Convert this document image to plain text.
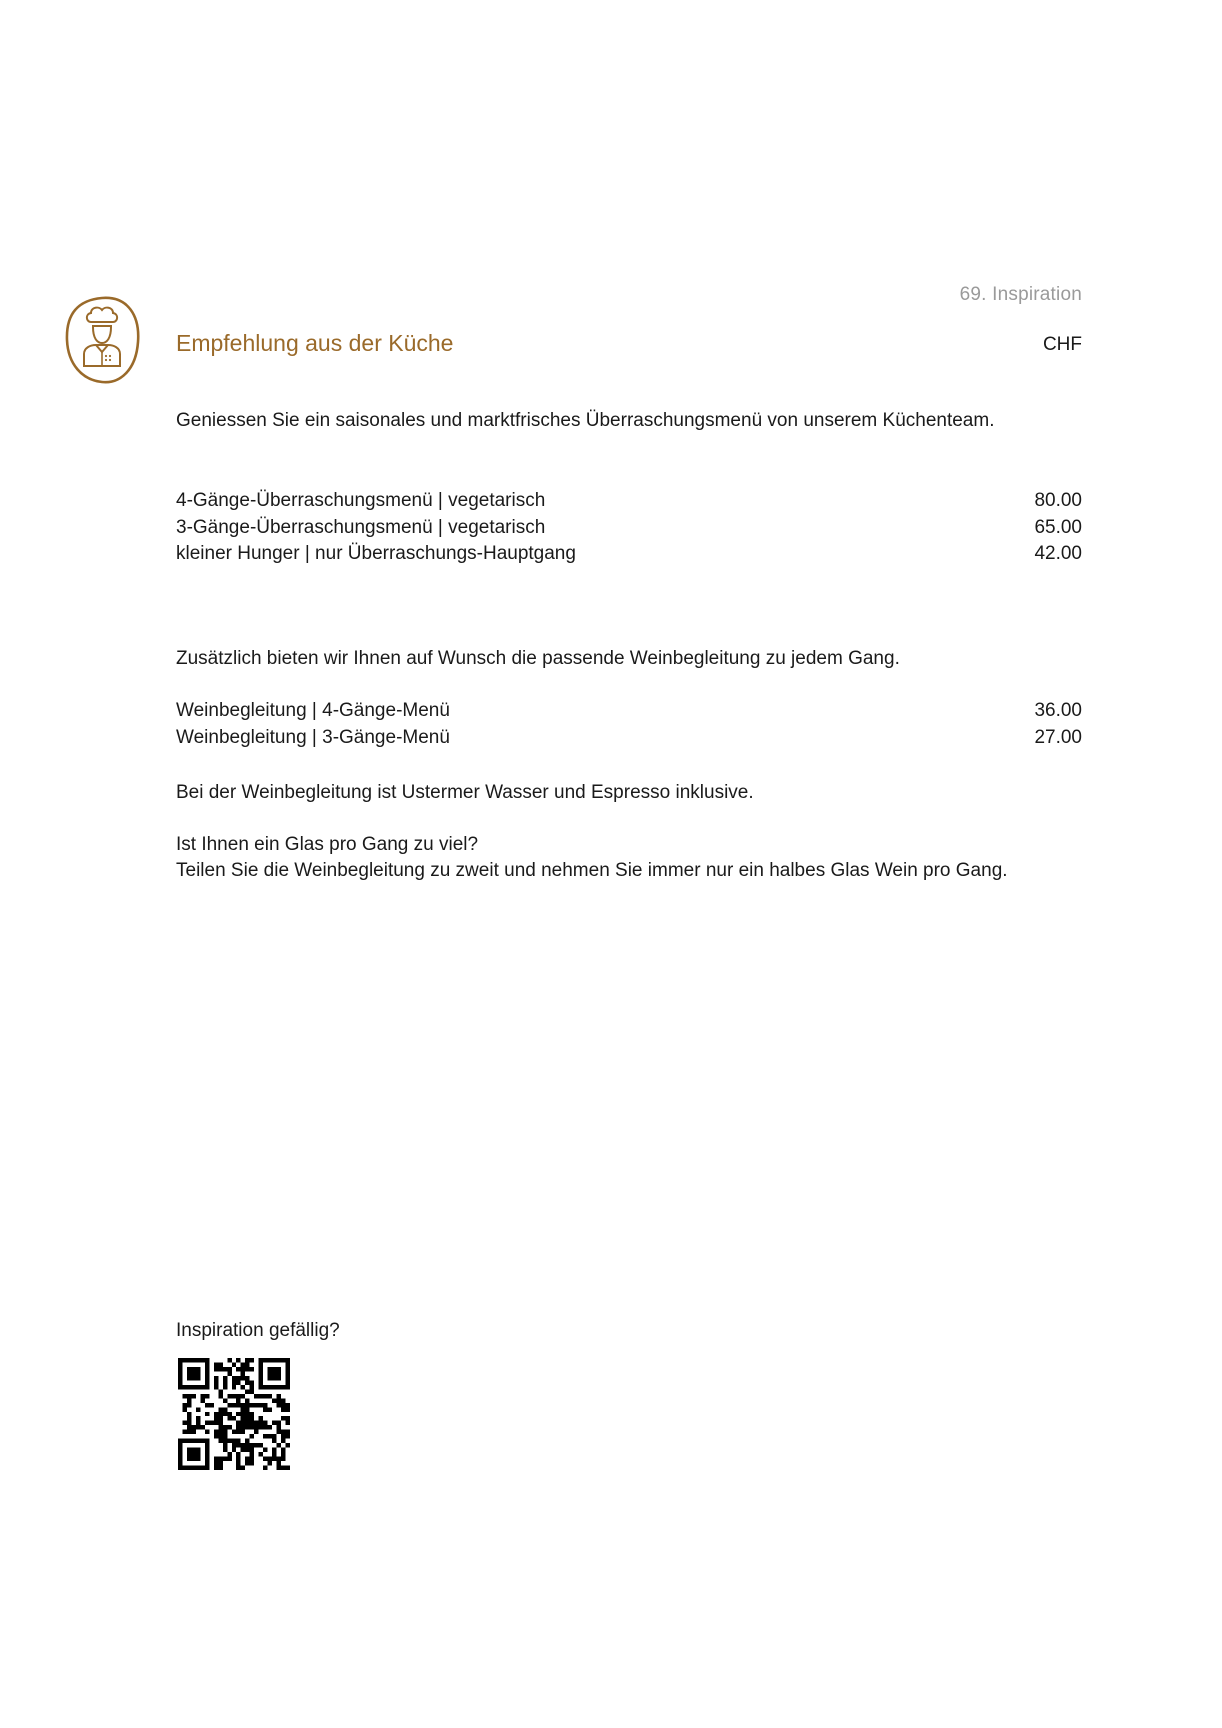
69. Inspiration
Empfehlung aus der Küche	CHF
Geniessen Sie ein saisonales und marktfrisches Überraschungsmenü von unserem Küchenteam.
4-Gänge-Überraschungsmenü | vegetarisch	80.00
3-Gänge-Überraschungsmenü | vegetarisch	65.00
kleiner Hunger | nur Überraschungs-Hauptgang	42.00
Zusätzlich bieten wir Ihnen auf Wunsch die passende Weinbegleitung zu jedem Gang.
Weinbegleitung | 4-Gänge-Menü	36.00
Weinbegleitung | 3-Gänge-Menü	27.00
Bei der Weinbegleitung ist Ustermer Wasser und Espresso inklusive.
Ist Ihnen ein Glas pro Gang zu viel?
Teilen Sie die Weinbegleitung zu zweit und nehmen Sie immer nur ein halbes Glas Wein pro Gang.
Inspiration gefällig?
